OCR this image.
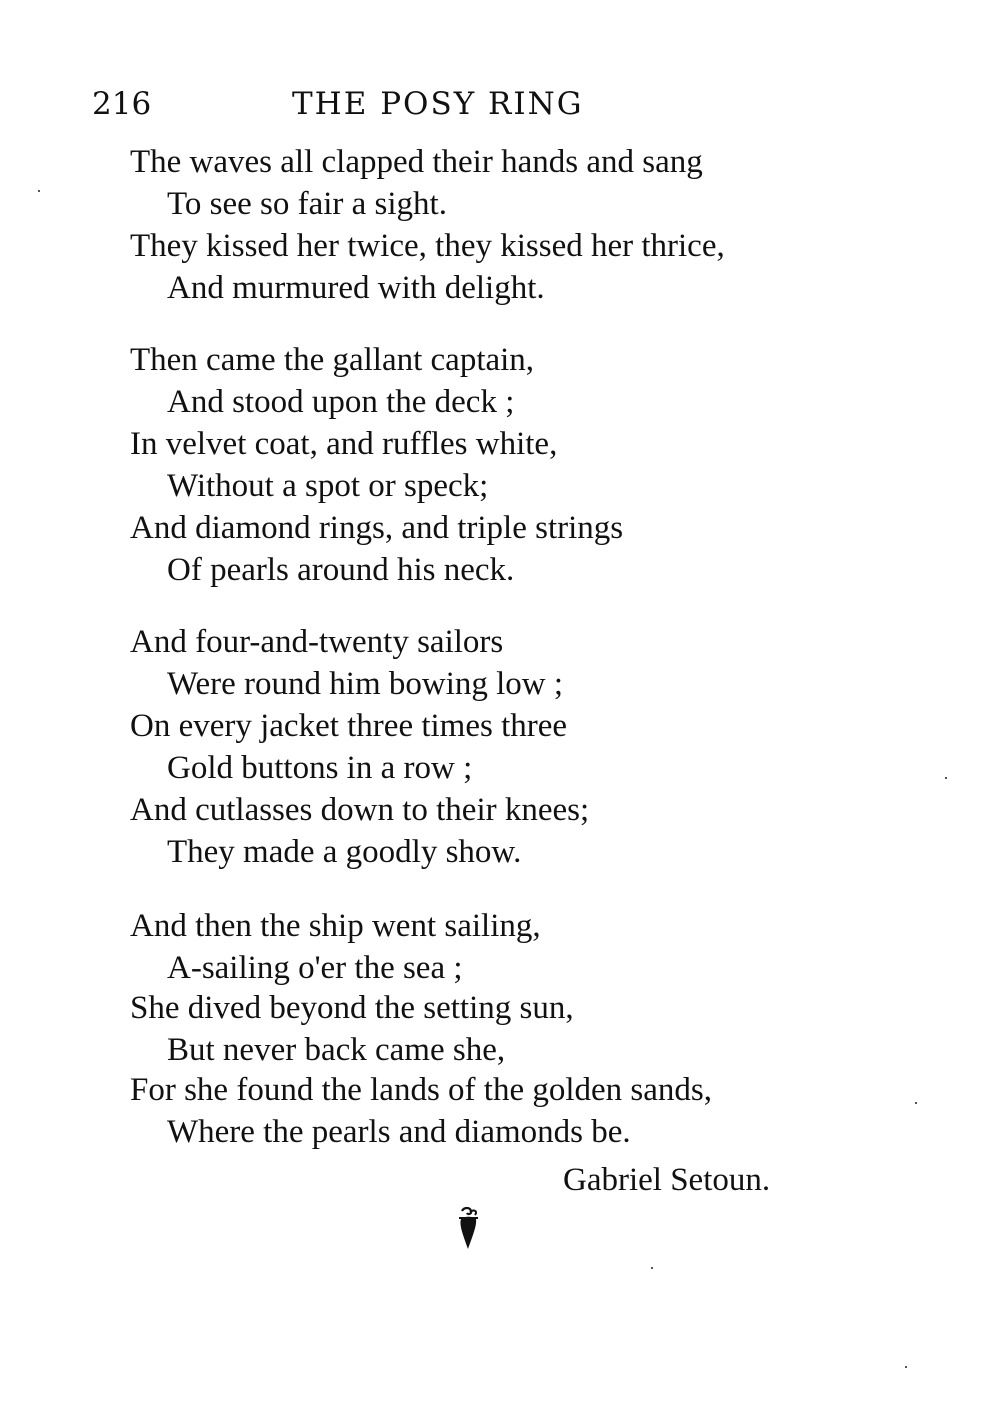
216	THE POSY RING
The waves all clapped their hands and sang
To see so fair a sight.
They kissed her twice, they kissed her thrice,
And murmured with delight.
Then came the gallant captain,
And stood upon the deck ;
In velvet coat, and ruffles white,
Without a spot or speck;
And diamond rings, and triple strings
Of pearls around his neck.
And four-and-twenty sailors
Were round him bowing low ;
On every jacket three times three
Gold buttons in a row ;
And cutlasses down to their knees;
They made a goodly show.
And then the ship went sailing,
A-sailing o'er the sea ;
She dived beyond the setting sun,
But never back came she,
For she found the lands of the golden sands,
Where the pearls and diamonds be.
Gabriel Setoun.
